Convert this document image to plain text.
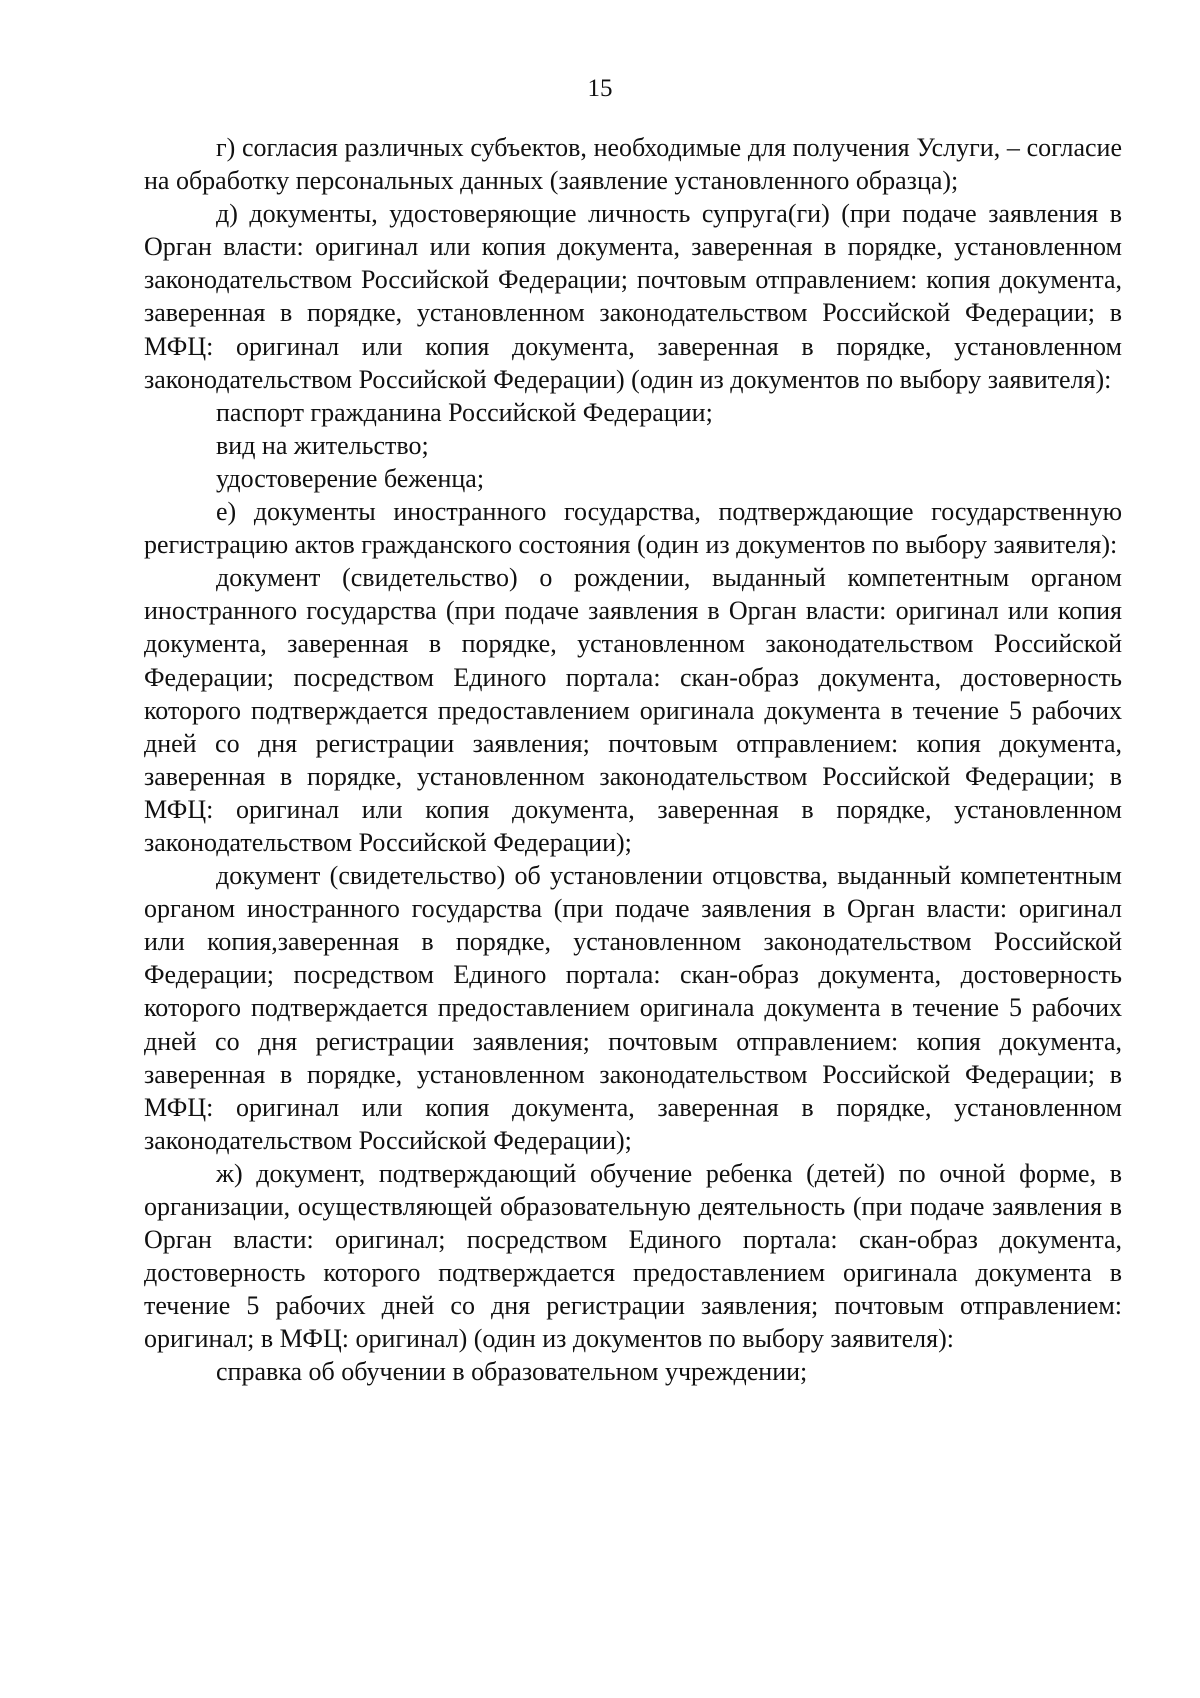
15

г) согласия различных субъектов, необходимые для получения Услуги, – согласие на обработку персональных данных (заявление установленного образца);

д) документы, удостоверяющие личность супруга(ги) (при подаче заявления в Орган власти: оригинал или копия документа, заверенная в порядке, установленном законодательством Российской Федерации; почтовым отправлением: копия документа, заверенная в порядке, установленном законодательством Российской Федерации; в МФЦ: оригинал или копия документа, заверенная в порядке, установленном законодательством Российской Федерации) (один из документов по выбору заявителя):

паспорт гражданина Российской Федерации;

вид на жительство;

удостоверение беженца;

е) документы иностранного государства, подтверждающие государственную регистрацию актов гражданского состояния (один из документов по выбору заявителя):

документ (свидетельство) о рождении, выданный компетентным органом иностранного государства (при подаче заявления в Орган власти: оригинал или копия документа, заверенная в порядке, установленном законодательством Российской Федерации; посредством Единого портала: скан-образ документа, достоверность которого подтверждается предоставлением оригинала документа в течение 5 рабочих дней со дня регистрации заявления; почтовым отправлением: копия документа, заверенная в порядке, установленном законодательством Российской Федерации; в МФЦ: оригинал или копия документа, заверенная в порядке, установленном законодательством Российской Федерации);

документ (свидетельство) об установлении отцовства, выданный компетентным органом иностранного государства (при подаче заявления в Орган власти: оригинал или копия,заверенная в порядке, установленном законодательством Российской Федерации; посредством Единого портала: скан-образ документа, достоверность которого подтверждается предоставлением оригинала документа в течение 5 рабочих дней со дня регистрации заявления; почтовым отправлением: копия документа, заверенная в порядке, установленном законодательством Российской Федерации; в МФЦ: оригинал или копия документа, заверенная в порядке, установленном законодательством Российской Федерации);

ж) документ, подтверждающий обучение ребенка (детей) по очной форме, в организации, осуществляющей образовательную деятельность (при подаче заявления в Орган власти: оригинал; посредством Единого портала: скан-образ документа, достоверность которого подтверждается предоставлением оригинала документа в течение 5 рабочих дней со дня регистрации заявления; почтовым отправлением: оригинал; в МФЦ: оригинал) (один из документов по выбору заявителя):

справка об обучении в образовательном учреждении;
